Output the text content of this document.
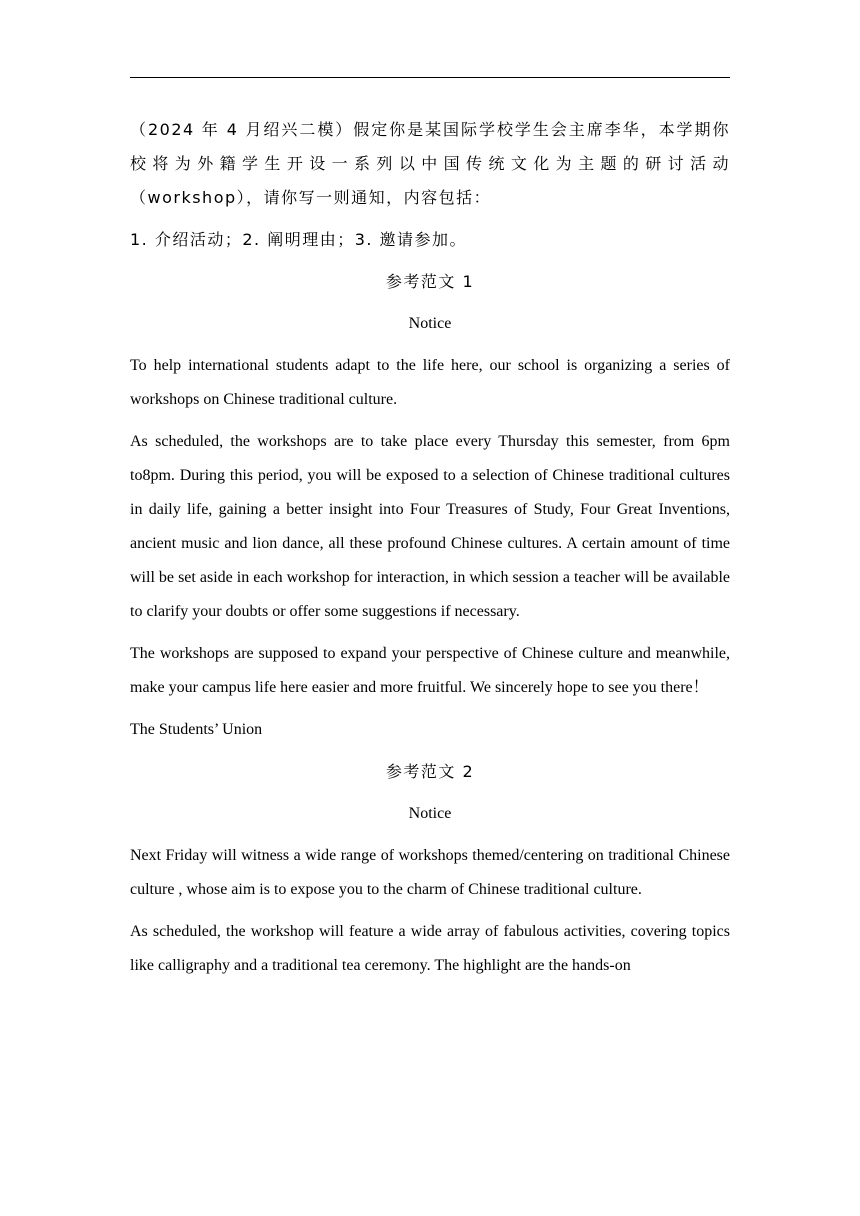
（2024 年 4 月绍兴二模）假定你是某国际学校学生会主席李华，本学期你校将为外籍学生开设一系列以中国传统文化为主题的研讨活动（workshop），请你写一则通知，内容包括：

1. 介绍活动；2. 阐明理由；3. 邀请参加。

参考范文 1

Notice

To help international students adapt to the life here, our school is organizing a series of workshops on Chinese traditional culture.

As scheduled, the workshops are to take place every Thursday this semester, from 6pm to8pm. During this period, you will be exposed to a selection of Chinese traditional cultures in daily life, gaining a better insight into Four Treasures of Study, Four Great Inventions, ancient music and lion dance, all these profound Chinese cultures. A certain amount of time will be set aside in each workshop for interaction, in which session a teacher will be available to clarify your doubts or offer some suggestions if necessary.

The workshops are supposed to expand your perspective of Chinese culture and meanwhile, make your campus life here easier and more fruitful. We sincerely hope to see you there！

The Students’ Union

参考范文 2

Notice

Next Friday will witness a wide range of workshops themed/centering on traditional Chinese culture , whose aim is to expose you to the charm of Chinese traditional culture.

As scheduled, the workshop will feature a wide array of fabulous activities, covering topics like calligraphy and a traditional tea ceremony. The highlight are the hands-on
